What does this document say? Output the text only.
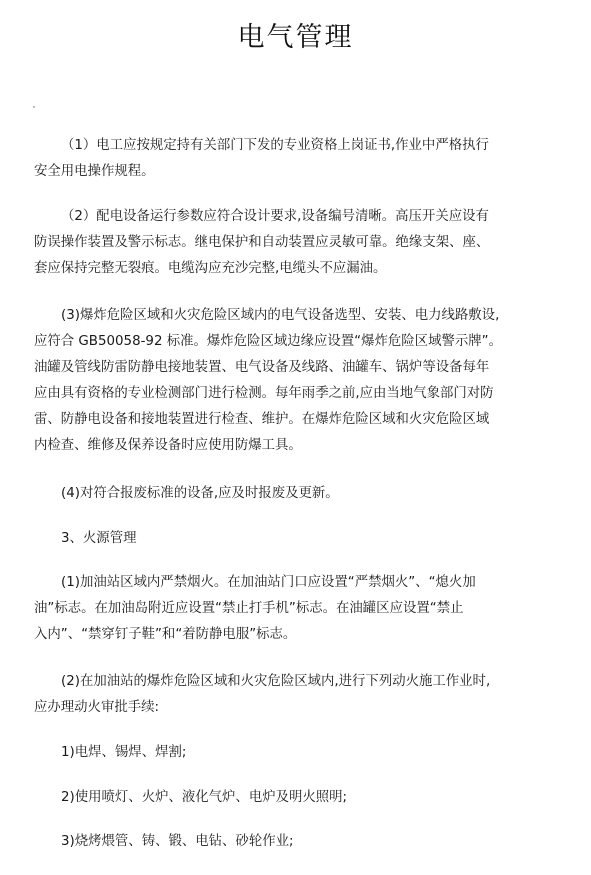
电气管理
（1）电工应按规定持有关部门下发的专业资格上岗证书,作业中严格执行
安全用电操作规程。
（2）配电设备运行参数应符合设计要求,设备编号清晰。高压开关应设有
防误操作装置及警示标志。继电保护和自动装置应灵敏可靠。绝缘支架、座、
套应保持完整无裂痕。电缆沟应充沙完整,电缆头不应漏油。
(3)爆炸危险区域和火灾危险区域内的电气设备选型、安装、电力线路敷设,
应符合 GB50058-92 标准。爆炸危险区域边缘应设置“爆炸危险区域警示牌”。
油罐及管线防雷防静电接地装置、电气设备及线路、油罐车、锅炉等设备每年
应由具有资格的专业检测部门进行检测。每年雨季之前,应由当地气象部门对防
雷、防静电设备和接地装置进行检查、维护。在爆炸危险区域和火灾危险区域
内检查、维修及保养设备时应使用防爆工具。
(4)对符合报废标准的设备,应及时报废及更新。
3、火源管理
(1)加油站区域内严禁烟火。在加油站门口应设置“严禁烟火”、“熄火加
油”标志。在加油岛附近应设置“禁止打手机”标志。在油罐区应设置“禁止
入内”、“禁穿钉子鞋”和“着防静电服”标志。
(2)在加油站的爆炸危险区域和火灾危险区域内,进行下列动火施工作业时,
应办理动火审批手续:
1)电焊、锡焊、焊割;
2)使用喷灯、火炉、液化气炉、电炉及明火照明;
3)烧烤煨管、铸、锻、电钻、砂轮作业;
